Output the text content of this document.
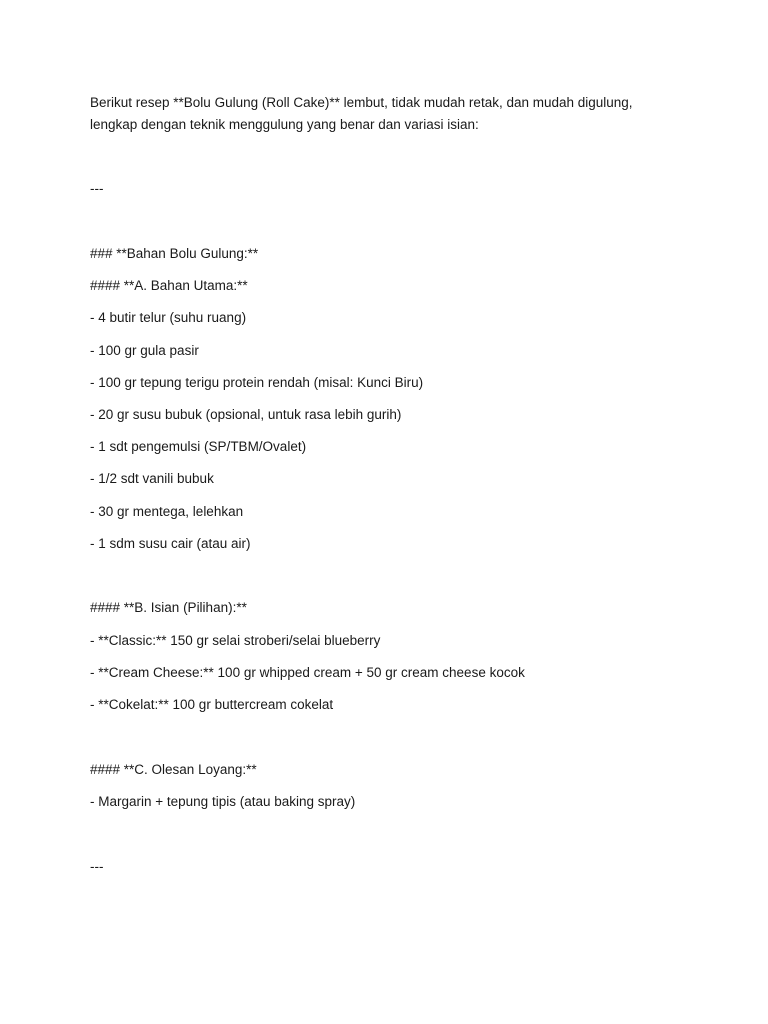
Berikut resep **Bolu Gulung (Roll Cake)** lembut, tidak mudah retak, dan mudah digulung,

lengkap dengan teknik menggulung yang benar dan variasi isian:

---

### **Bahan Bolu Gulung:**

#### **A. Bahan Utama:**

- 4 butir telur (suhu ruang)

- 100 gr gula pasir

- 100 gr tepung terigu protein rendah (misal: Kunci Biru)

- 20 gr susu bubuk (opsional, untuk rasa lebih gurih)

- 1 sdt pengemulsi (SP/TBM/Ovalet)

- 1/2 sdt vanili bubuk

- 30 gr mentega, lelehkan

- 1 sdm susu cair (atau air)

#### **B. Isian (Pilihan):**

- **Classic:** 150 gr selai stroberi/selai blueberry

- **Cream Cheese:** 100 gr whipped cream + 50 gr cream cheese kocok

- **Cokelat:** 100 gr buttercream cokelat

#### **C. Olesan Loyang:**

- Margarin + tepung tipis (atau baking spray)

---
